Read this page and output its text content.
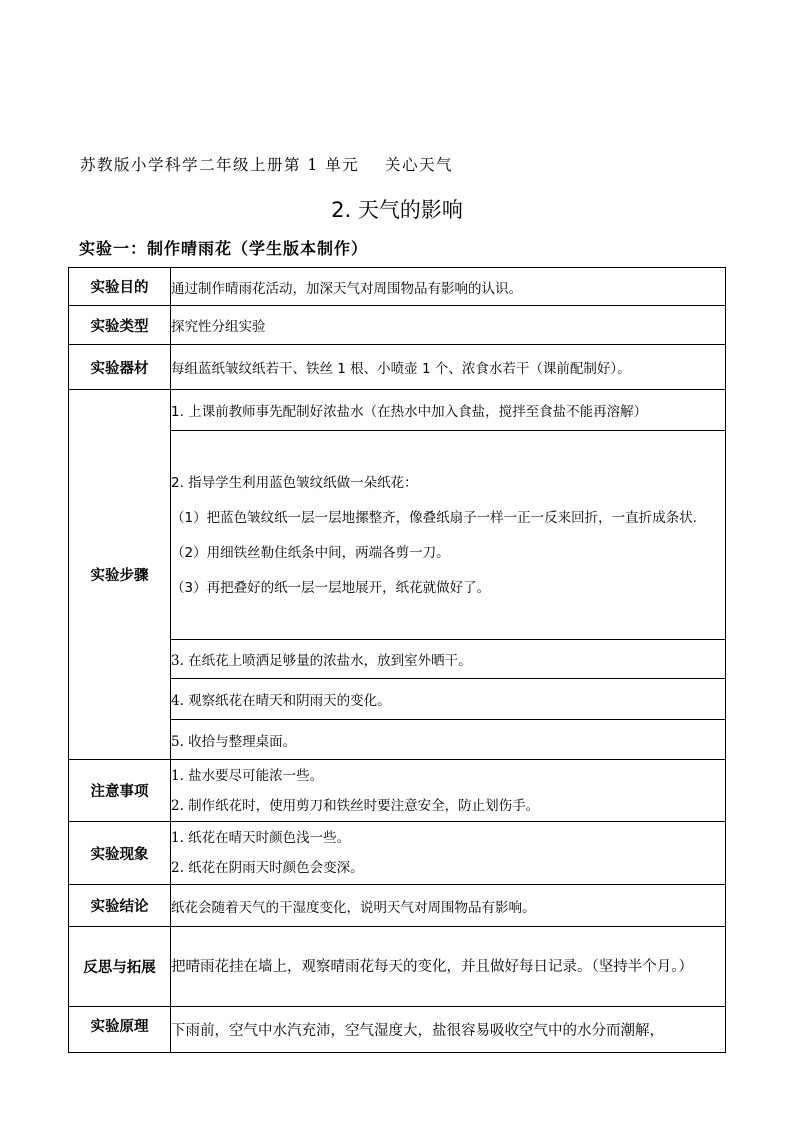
苏教版小学科学二年级上册第 1 单元 关心天气
2. 天气的影响
实验一：制作晴雨花（学生版本制作）
实验目的	通过制作晴雨花活动，加深天气对周围物品有影响的认识。
实验类型	探究性分组实验
实验器材	每组蓝纸皱纹纸若干、铁丝 1 根、小喷壶 1 个、浓食水若干（课前配制好）。
实验步骤	1. 上课前教师事先配制好浓盐水（在热水中加入食盐，搅拌至食盐不能再溶解）

	2. 指导学生利用蓝色皱纹纸做一朵纸花：
（1）把蓝色皱纹纸一层一层地摞整齐，像叠纸扇子一样一正一反来回折，一直折成条状.
（2）用细铁丝勒住纸条中间，两端各剪一刀。
（3）再把叠好的纸一层一层地展开，纸花就做好了。

	3. 在纸花上喷洒足够量的浓盐水，放到室外晒干。
	4. 观察纸花在晴天和阴雨天的变化。
	5. 收拾与整理桌面。
注意事项	1. 盐水要尽可能浓一些。
2. 制作纸花时，使用剪刀和铁丝时要注意安全，防止划伤手。

实验现象	1. 纸花在晴天时颜色浅一些。
2. 纸花在阴雨天时颜色会变深。

实验结论	纸花会随着天气的干湿度变化，说明天气对周围物品有影响。
反思与拓展	把晴雨花挂在墙上，观察晴雨花每天的变化，并且做好每日记录。（坚持半个月。）
实验原理	下雨前，空气中水汽充沛，空气湿度大，盐很容易吸收空气中的水分而潮解，
